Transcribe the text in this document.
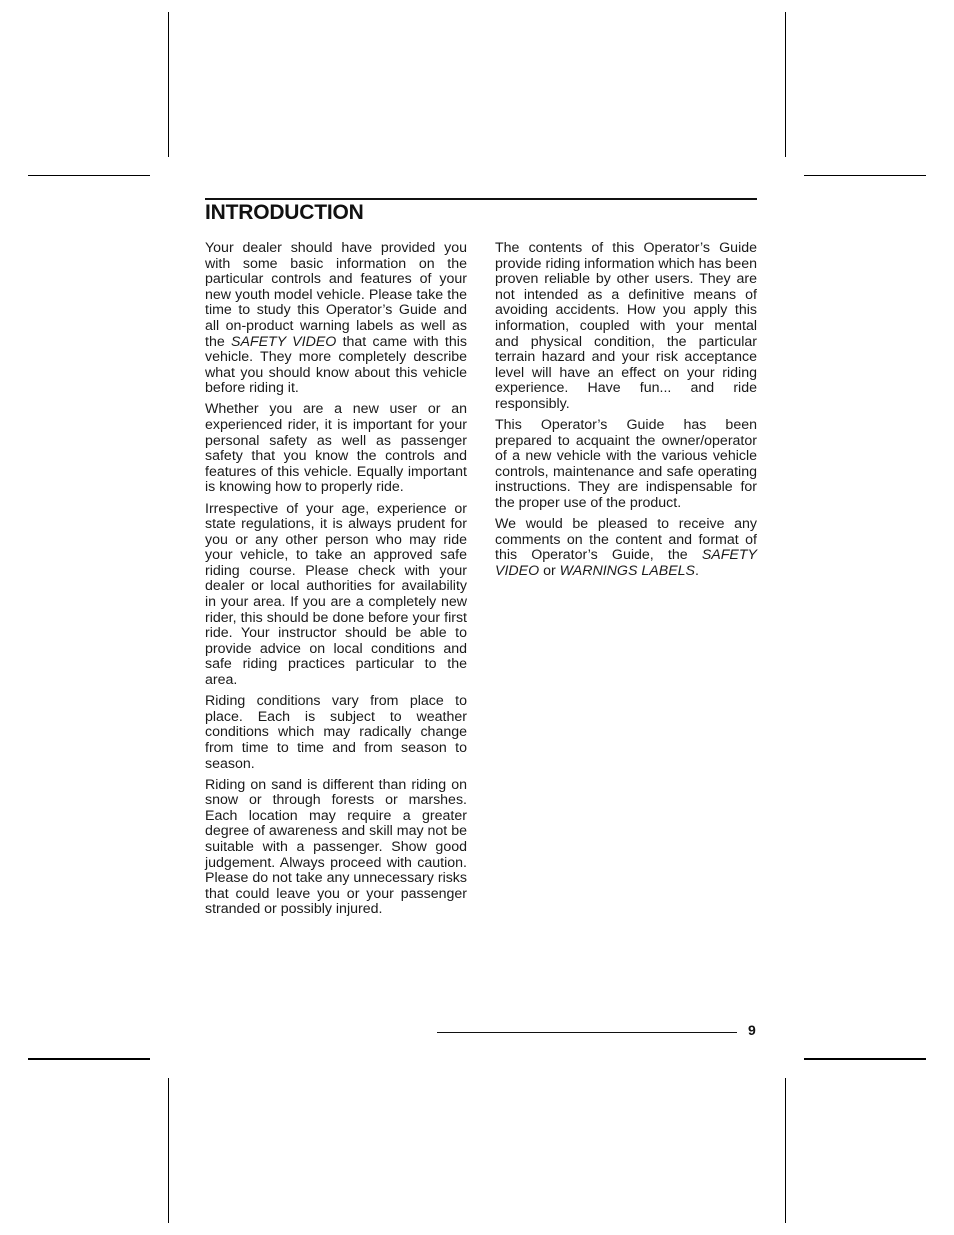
INTRODUCTION

Your dealer should have provided you with some basic information on the particular controls and features of your new youth model vehicle. Please take the time to study this Operator’s Guide and all on-product warning labels as well as the SAFETY VIDEO that came with this vehicle. They more completely describe what you should know about this vehicle before riding it.

Whether you are a new user or an experienced rider, it is important for your personal safety as well as passenger safety that you know the controls and features of this vehicle. Equally important is knowing how to properly ride.

Irrespective of your age, experience or state regulations, it is always prudent for you or any other person who may ride your vehicle, to take an approved safe riding course. Please check with your dealer or local authorities for availability in your area. If you are a completely new rider, this should be done before your first ride. Your instructor should be able to provide advice on local conditions and safe riding practices particular to the area.

Riding conditions vary from place to place. Each is subject to weather conditions which may radically change from time to time and from season to season.

Riding on sand is different than riding on snow or through forests or marshes. Each location may require a greater degree of awareness and skill may not be suitable with a passenger. Show good judgement. Always proceed with caution. Please do not take any unnecessary risks that could leave you or your passenger stranded or possibly injured.

The contents of this Operator’s Guide provide riding information which has been proven reliable by other users. They are not intended as a definitive means of avoiding accidents. How you apply this information, coupled with your mental and physical condition, the particular terrain hazard and your risk acceptance level will have an effect on your riding experience. Have fun... and ride responsibly.

This Operator’s Guide has been prepared to acquaint the owner/operator of a new vehicle with the various vehicle controls, maintenance and safe operating instructions. They are indispensable for the proper use of the product.

We would be pleased to receive any comments on the content and format of this Operator’s Guide, the SAFETY VIDEO or WARNINGS LABELS.

9
